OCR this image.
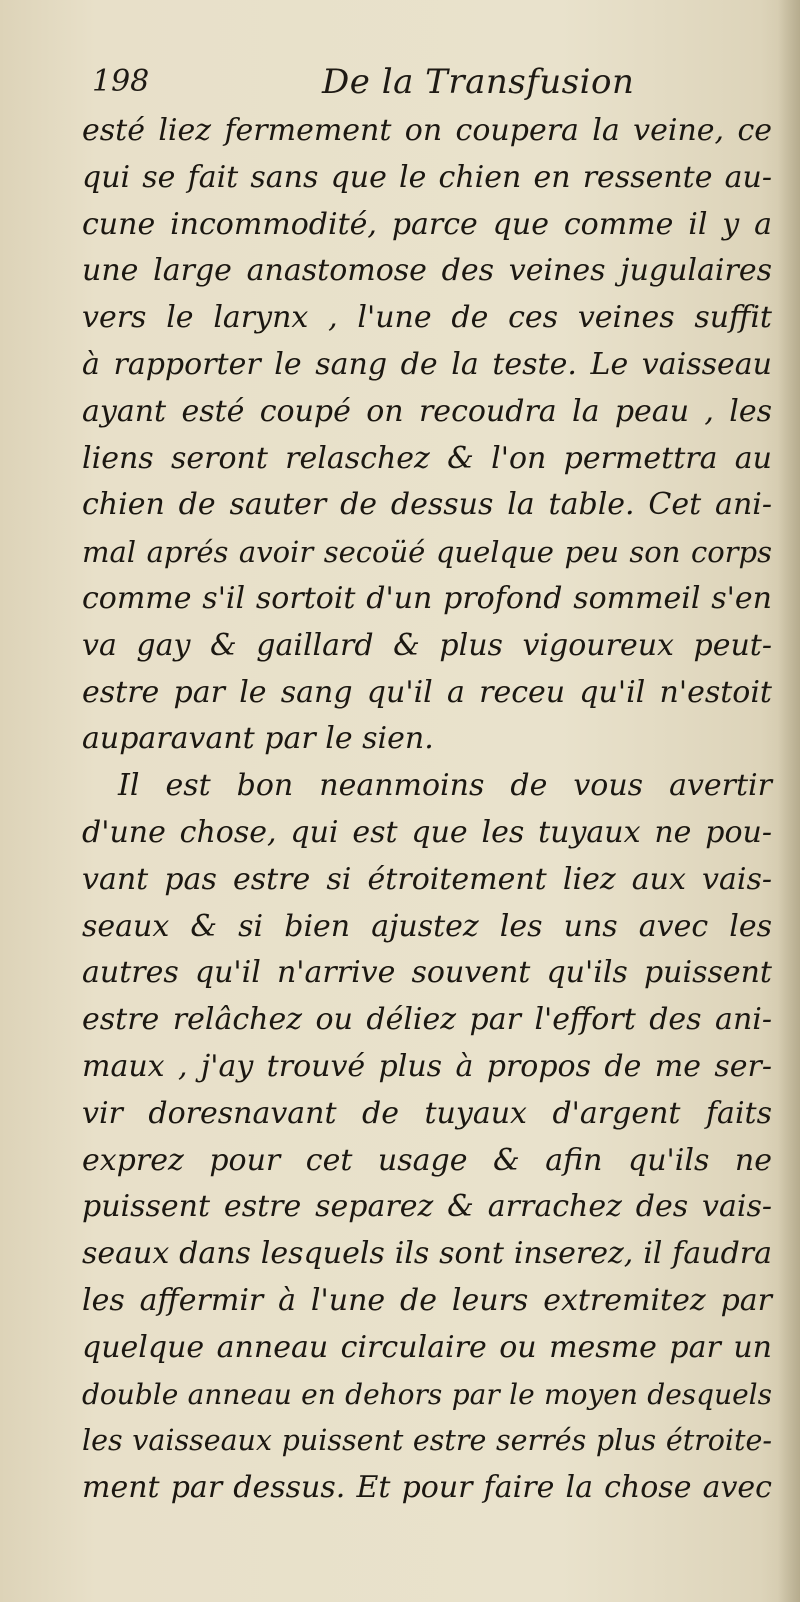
198	De la Transfusion
esté liez fermement on coupera la veine, ce
qui se fait sans que le chien en ressente au-
cune incommodité, parce que comme il y a
une large anastomose des veines jugulaires
vers le larynx , l'une de ces veines suffit
à rapporter le sang de la teste. Le vaisseau
ayant esté coupé on recoudra la peau , les
liens seront relaschez & l'on permettra au
chien de sauter de dessus la table. Cet ani-
mal aprés avoir secoüé quelque peu son corps
comme s'il sortoit d'un profond sommeil s'en
va gay & gaillard & plus vigoureux peut-
estre par le sang qu'il a receu qu'il n'estoit
auparavant par le sien.
Il est bon neanmoins de vous avertir
d'une chose, qui est que les tuyaux ne pou-
vant pas estre si étroitement liez aux vais-
seaux & si bien ajustez les uns avec les
autres qu'il n'arrive souvent qu'ils puissent
estre relâchez ou déliez par l'effort des ani-
maux , j'ay trouvé plus à propos de me ser-
vir doresnavant de tuyaux d'argent faits
exprez pour cet usage & afin qu'ils ne
puissent estre separez & arrachez des vais-
seaux dans lesquels ils sont inserez, il faudra
les affermir à l'une de leurs extremitez par
quelque anneau circulaire ou mesme par un
double anneau en dehors par le moyen desquels
les vaisseaux puissent estre serrés plus étroite-
ment par dessus. Et pour faire la chose avec
